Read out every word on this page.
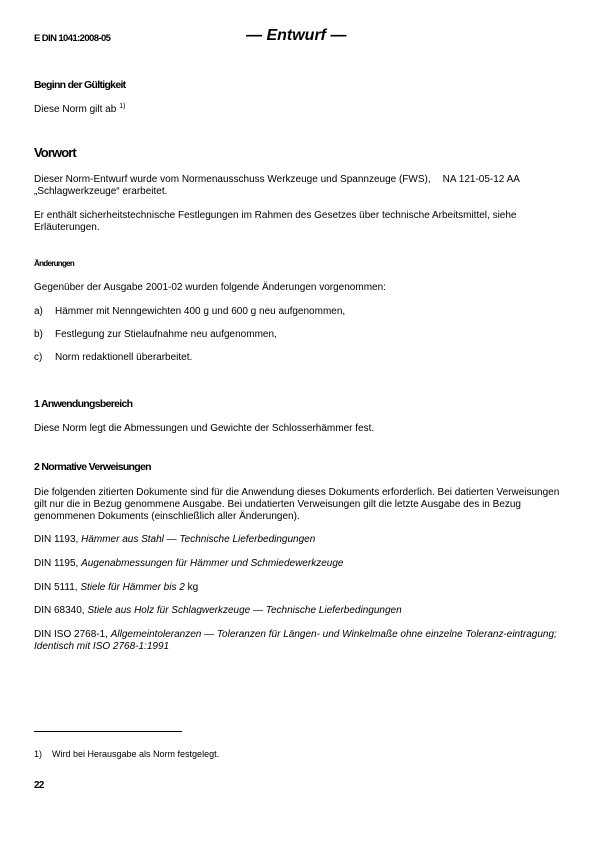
E DIN 1041:2008-05	— Entwurf —
Beginn der Gültigkeit
Diese Norm gilt ab $^{1)}$
Vorwort
Dieser Norm-Entwurf wurde vom Normenausschuss Werkzeuge und Spannzeuge (FWS), NA 121-05-12 AA
„Schlagwerkzeuge“ erarbeitet.
Er enthält sicherheitstechnische Festlegungen im Rahmen des Gesetzes über technische Arbeitsmittel, siehe Erläuterungen.
Änderungen
Gegenüber der Ausgabe 2001-02 wurden folgende Änderungen vorgenommen:
a) Hämmer mit Nenngewichten 400 g und 600 g neu aufgenommen,
b) Festlegung zur Stielaufnahme neu aufgenommen,
c) Norm redaktionell überarbeitet.
1 Anwendungsbereich
Diese Norm legt die Abmessungen und Gewichte der Schlosserhämmer fest.
2 Normative Verweisungen
Die folgenden zitierten Dokumente sind für die Anwendung dieses Dokuments erforderlich. Bei datierten Verweisungen gilt nur die in Bezug genommene Ausgabe. Bei undatierten Verweisungen gilt die letzte Ausgabe des in Bezug genommenen Dokuments (einschließlich aller Änderungen).
DIN 1193, Hämmer aus Stahl — Technische Lieferbedingungen
DIN 1195, Augenabmessungen für Hämmer und Schmiedewerkzeuge
DIN 5111, Stiele für Hämmer bis 2 kg
DIN 68340, Stiele aus Holz für Schlagwerkzeuge — Technische Lieferbedingungen
DIN ISO 2768-1, Allgemeintoleranzen — Toleranzen für Längen- und Winkelmaße ohne einzelne Toleranz-eintragung; Identisch mit ISO 2768-1:1991
1) Wird bei Herausgabe als Norm festgelegt.
22
